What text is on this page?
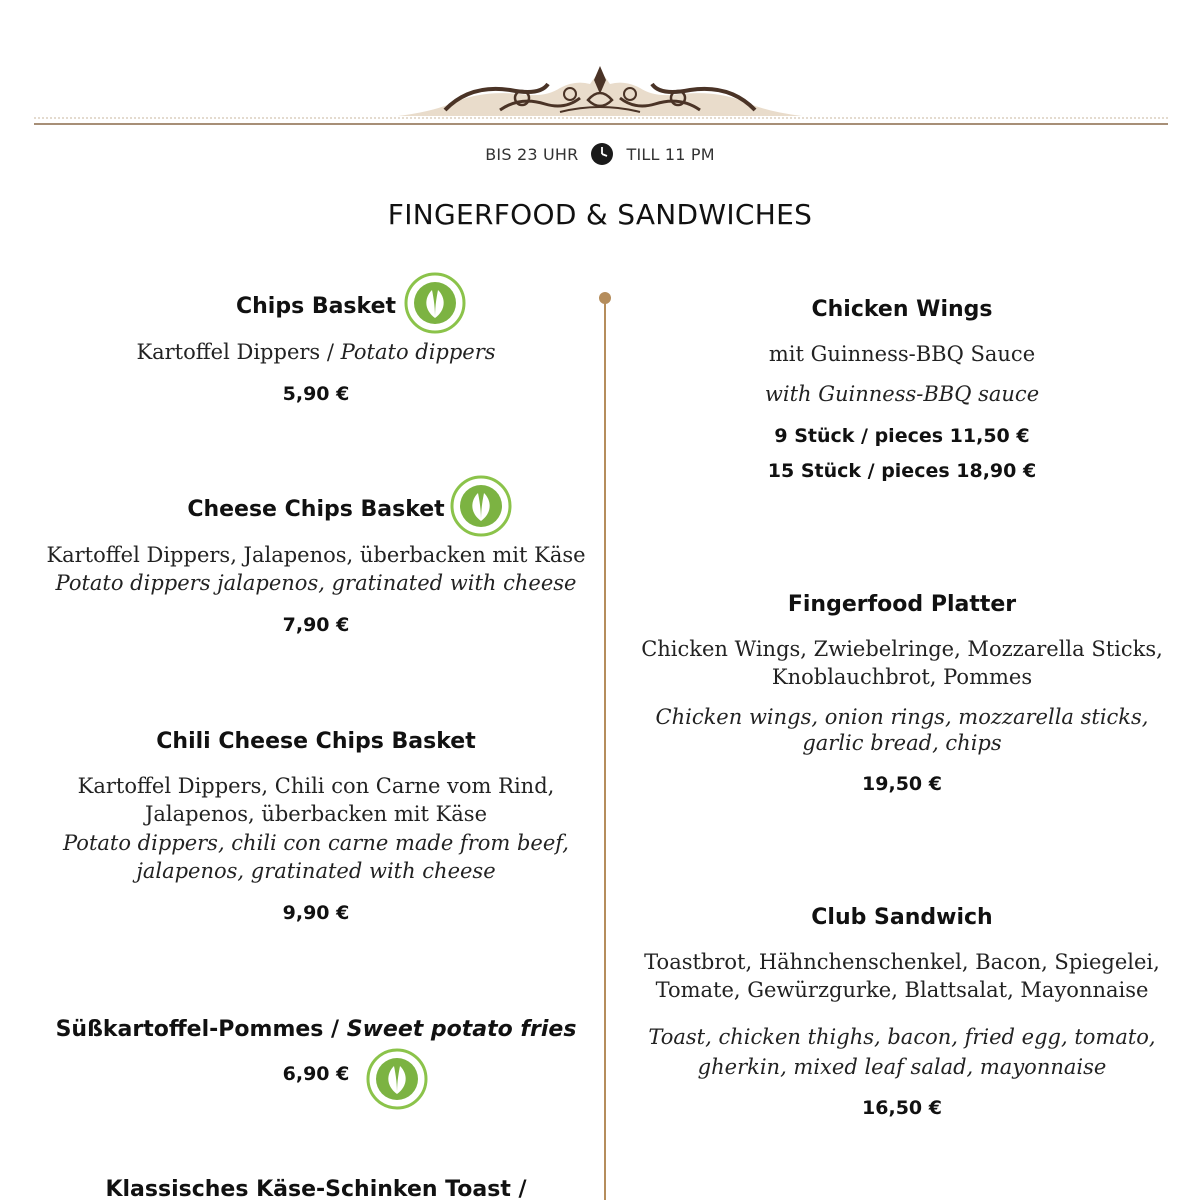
BIS 23 UHR	TILL 11 PM
FINGERFOOD & SANDWICHES
Chips Basket
Kartoffel Dippers / Potato dippers
5,90 €
Cheese Chips Basket
Kartoffel Dippers, Jalapenos, überbacken mit Käse
Potato dippers jalapenos, gratinated with cheese
7,90 €
Chili Cheese Chips Basket
Kartoffel Dippers, Chili con Carne vom Rind,
Jalapenos, überbacken mit Käse
Potato dippers, chili con carne made from beef,
jalapenos, gratinated with cheese
9,90 €
Süßkartoffel-Pommes / Sweet potato fries
6,90 €
Klassisches Käse-Schinken Toast /
Chicken Wings
mit Guinness-BBQ Sauce
with Guinness-BBQ sauce
9 Stück / pieces 11,50 €
15 Stück / pieces 18,90 €
Fingerfood Platter
Chicken Wings, Zwiebelringe, Mozzarella Sticks,
Knoblauchbrot, Pommes
Chicken wings, onion rings, mozzarella sticks,
garlic bread, chips
19,50 €
Club Sandwich
Toastbrot, Hähnchenschenkel, Bacon, Spiegelei,
Tomate, Gewürzgurke, Blattsalat, Mayonnaise
Toast, chicken thighs, bacon, fried egg, tomato,
gherkin, mixed leaf salad, mayonnaise
16,50 €
